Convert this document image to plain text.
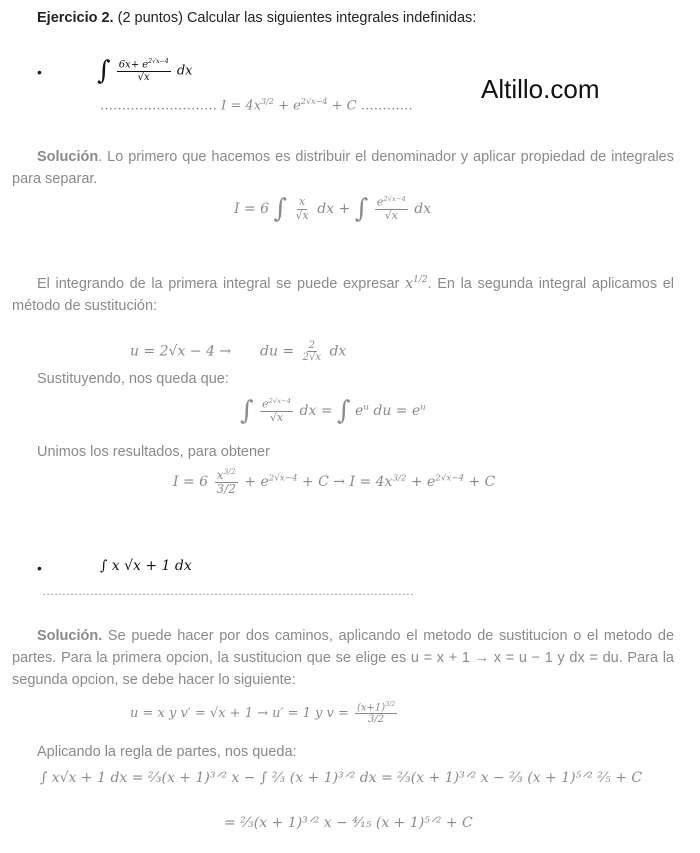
Ejercicio 2. (2 puntos) Calcular las siguientes integrales indefinidas:
Altillo.com
• ∫ $\frac{6x+ e^{2√x-4}}{√x}$ dx
……………………… $I = 4x^{3/2} + e^{2√x-4} + C$ …………
Solución. Lo primero que hacemos es distribuir el denominador y aplicar propiedad de integrales para separar.
I = 6 ∫ $\frac{x}{√x}$ dx + ∫ $\frac{e^{2√x-4}}{√x}$ dx
El integrando de la primera integral se puede expresar $x^{1/2}$. En la segunda integral aplicamos el método de sustitución:
u = 2√x − 4 → du = $\frac{2}{2√x}$ dx
Sustituyendo, nos queda que:
∫ $\frac{e^{2√x-4}}{√x}$ dx = ∫ $e^u$ du = $e^u$
Unimos los resultados, para obtener
$I = 6 \frac{x^{3/2}}{3/2} + e^{2√x-4} + C \to I = 4x^{3/2} + e^{2√x-4} + C$
•	∫ x √x + 1 dx
…………………………………………………………………………………
Solución. Se puede hacer por dos caminos, aplicando el metodo de sustitucion o el metodo de partes. Para la primera opcion, la sustitucion que se elige es u = x + 1 → x = u − 1 y dx = du. Para la segunda opcion, se debe hacer lo siguiente:
u = x y v′ = √x + 1 → u′ = 1 y $v = \frac{(x+1)^{3/2}}{3/2}$
Aplicando la regla de partes, nos queda:
∫ x√x + 1 dx = ²⁄₃(x + 1)³ᐟ² x − ∫ ²⁄₃ (x + 1)³ᐟ² dx = ²⁄₃(x + 1)³ᐟ² x − ²⁄₃ (x + 1)⁵ᐟ² ²⁄₅ + C
= ²⁄₃(x + 1)³ᐟ² x − ⁴⁄₁₅ (x + 1)⁵ᐟ² + C
